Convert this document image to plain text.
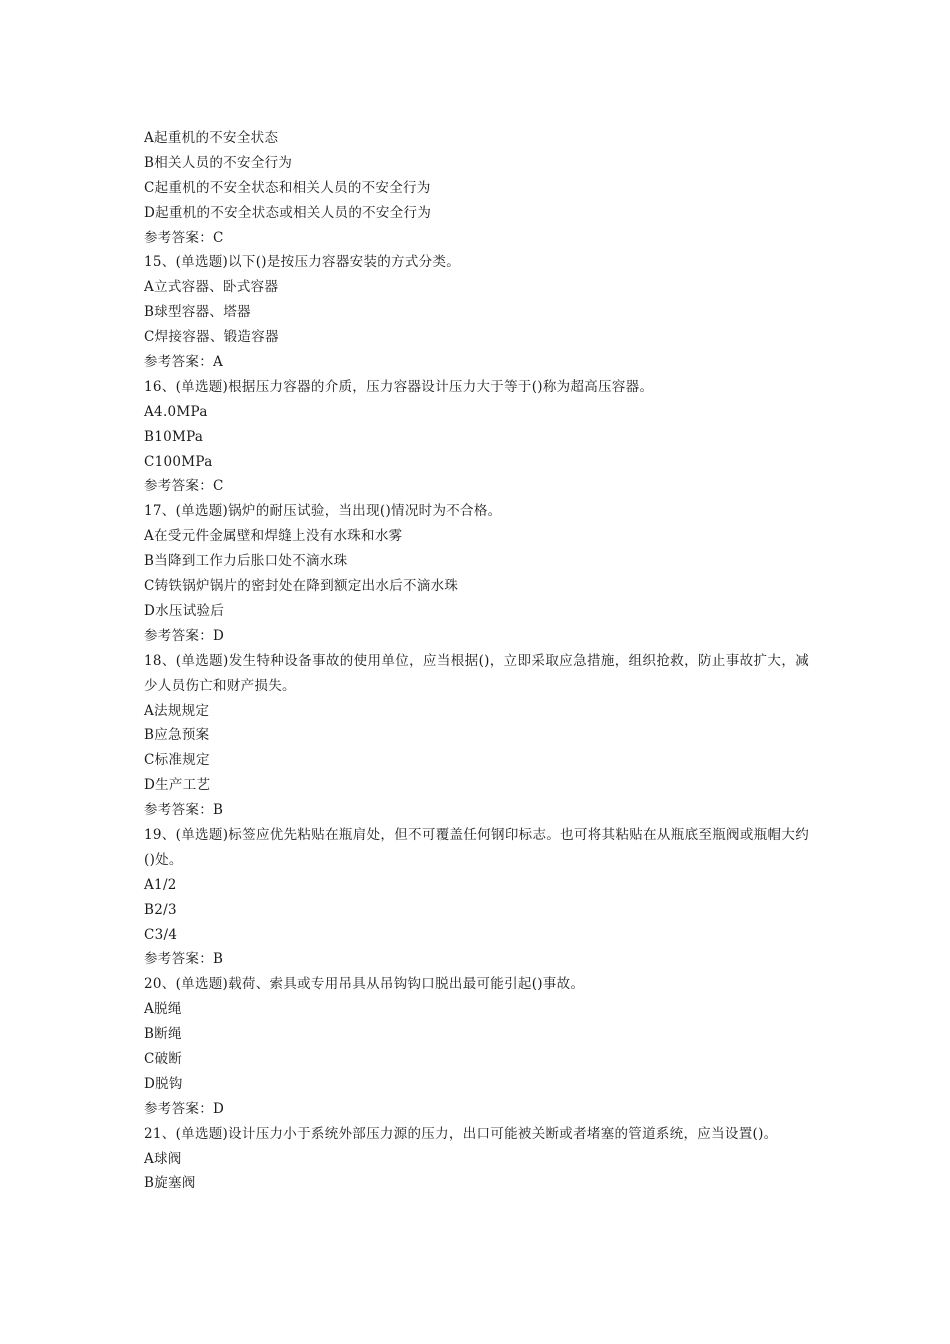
A起重机的不安全状态
B相关人员的不安全行为
C起重机的不安全状态和相关人员的不安全行为
D起重机的不安全状态或相关人员的不安全行为
参考答案：C
15、(单选题)以下()是按压力容器安装的方式分类。
A立式容器、卧式容器
B球型容器、塔器
C焊接容器、锻造容器
参考答案：A
16、(单选题)根据压力容器的介质，压力容器设计压力大于等于()称为超高压容器。
A4.0MPa
B10MPa
C100MPa
参考答案：C
17、(单选题)锅炉的耐压试验，当出现()情况时为不合格。
A在受元件金属壁和焊缝上没有水珠和水雾
B当降到工作力后胀口处不滴水珠
C铸铁锅炉锅片的密封处在降到额定出水后不滴水珠
D水压试验后
参考答案：D
18、(单选题)发生特种设备事故的使用单位，应当根据()，立即采取应急措施，组织抢救，防止事故扩大，减少人员伤亡和财产损失。
A法规规定
B应急预案
C标准规定
D生产工艺
参考答案：B
19、(单选题)标签应优先粘贴在瓶肩处，但不可覆盖任何钢印标志。也可将其粘贴在从瓶底至瓶阀或瓶帽大约()处。
A1/2
B2/3
C3/4
参考答案：B
20、(单选题)载荷、索具或专用吊具从吊钩钩口脱出最可能引起()事故。
A脱绳
B断绳
C破断
D脱钩
参考答案：D
21、(单选题)设计压力小于系统外部压力源的压力，出口可能被关断或者堵塞的管道系统，应当设置()。
A球阀
B旋塞阀
